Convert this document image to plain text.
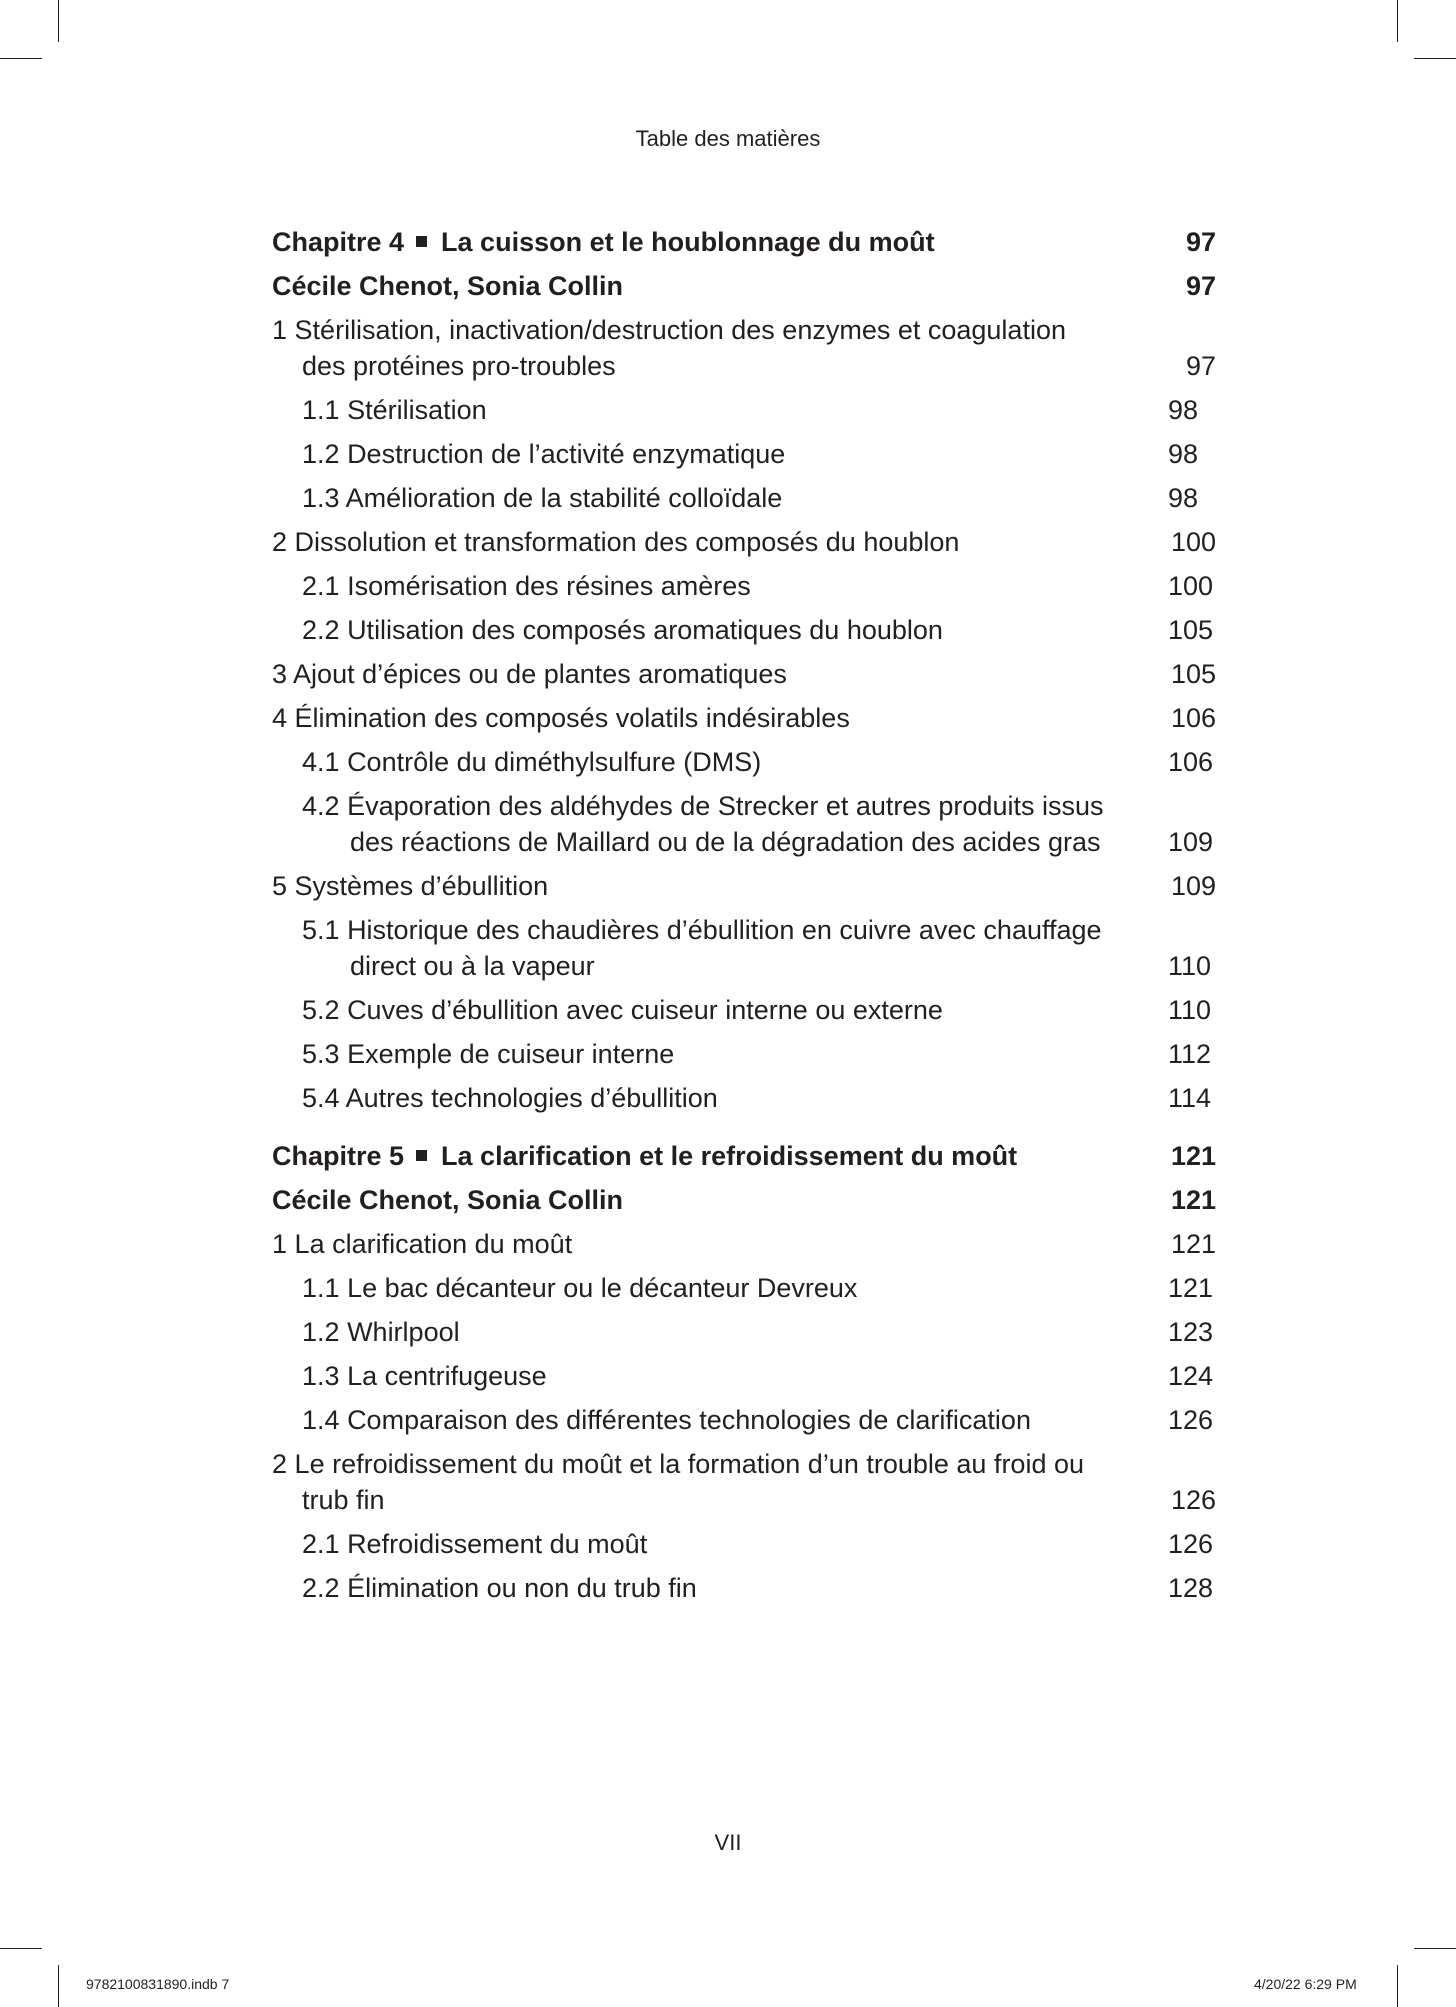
Table des matières
Chapitre 4 La cuisson et le houblonnage du moût	97
Cécile Chenot, Sonia Collin	97
1 Stérilisation, inactivation/destruction des enzymes et coagulation des protéines pro-troubles	97
1.1 Stérilisation	98
1.2 Destruction de l’activité enzymatique	98
1.3 Amélioration de la stabilité colloïdale	98
2 Dissolution et transformation des composés du houblon	100
2.1 Isomérisation des résines amères	100
2.2 Utilisation des composés aromatiques du houblon	105
3 Ajout d’épices ou de plantes aromatiques	105
4 Élimination des composés volatils indésirables	106
4.1 Contrôle du diméthylsulfure (DMS)	106
4.2 Évaporation des aldéhydes de Strecker et autres produits issus des réactions de Maillard ou de la dégradation des acides gras	109
5 Systèmes d’ébullition	109
5.1 Historique des chaudières d’ébullition en cuivre avec chauffage direct ou à la vapeur	110
5.2 Cuves d’ébullition avec cuiseur interne ou externe	110
5.3 Exemple de cuiseur interne	112
5.4 Autres technologies d’ébullition	114
Chapitre 5 La clarification et le refroidissement du moût	121
Cécile Chenot, Sonia Collin	121
1 La clarification du moût	121
1.1 Le bac décanteur ou le décanteur Devreux	121
1.2 Whirlpool	123
1.3 La centrifugeuse	124
1.4 Comparaison des différentes technologies de clarification	126
2 Le refroidissement du moût et la formation d’un trouble au froid ou trub fin	126
2.1 Refroidissement du moût	126
2.2 Élimination ou non du trub fin	128
VII
9782100831890.indb 7	4/20/22 6:29 PM
